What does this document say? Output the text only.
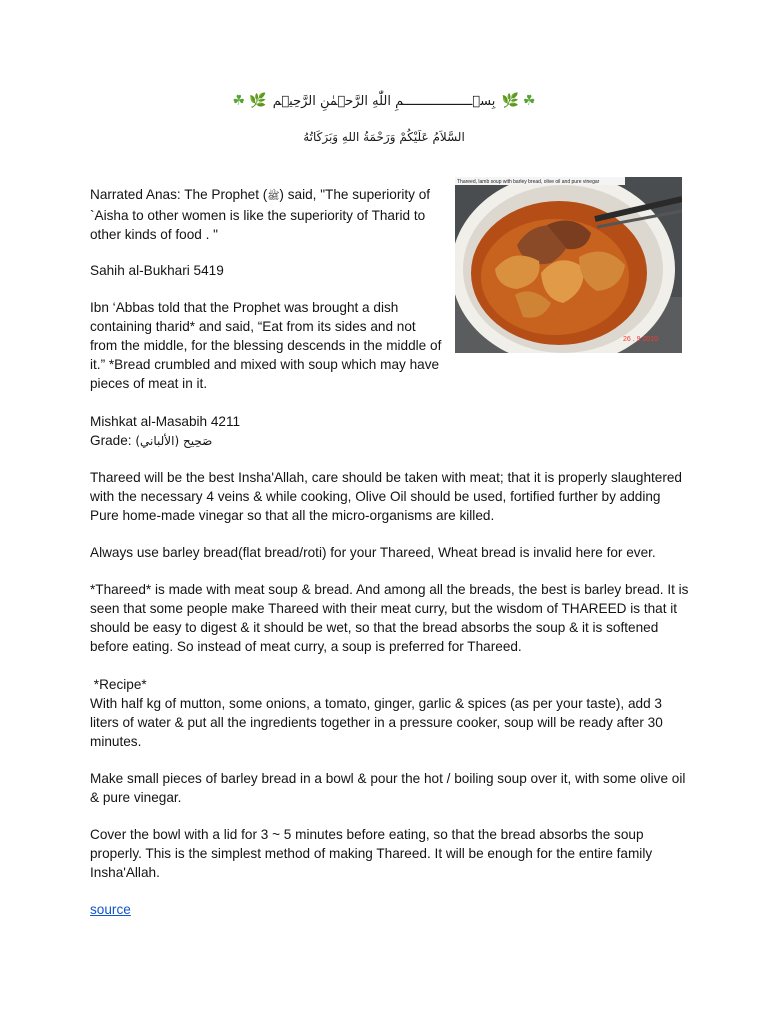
☘🌿 بِسۡــــــــــــــــــمِ اللّٰهِ الرَّحۡمٰنِ الرَّحِيۡم 🌿☘
السَّلاَمُ عَلَيْكُمْ وَرَحْمَةُ اللهِ وَبَرَكَاتُهُ
Thareed, lamb soup with barley bread, olive oil and pure vinegar
26 . 9 2010

Narrated Anas: The Prophet (ﷺ) said, "The superiority of `Aisha to other women is like the superiority of Tharid to other kinds of food . "

Sahih al-Bukhari 5419
Ibn ‘Abbas told that the Prophet was brought a dish containing tharid* and said, “Eat from its sides and not from the middle, for the blessing descends in the middle of it.” *Bread crumbled and mixed with soup which may have pieces of meat in it.
Mishkat al-Masabih 4211
Grade: (صَحِيح (الألباني
Thareed will be the best Insha'Allah, care should be taken with meat; that it is properly slaughtered with the necessary 4 veins & while cooking, Olive Oil should be used, fortified further by adding Pure home-made vinegar so that all the micro-organisms are killed.
Always use barley bread(flat bread/roti) for your Thareed, Wheat bread is invalid here for ever.
*Thareed* is made with meat soup & bread. And among all the breads, the best is barley bread. It is seen that some people make Thareed with their meat curry, but the wisdom of THAREED is that it should be easy to digest & it should be wet, so that the bread absorbs the soup & it is softened before eating. So instead of meat curry, a soup is preferred for Thareed.
*Recipe*
With half kg of mutton, some onions, a tomato, ginger, garlic & spices (as per your taste), add 3 liters of water & put all the ingredients together in a pressure cooker, soup will be ready after 30 minutes.
Make small pieces of barley bread in a bowl & pour the hot / boiling soup over it, with some olive oil & pure vinegar.
Cover the bowl with a lid for 3 ~ 5 minutes before eating, so that the bread absorbs the soup properly. This is the simplest method of making Thareed. It will be enough for the entire family Insha'Allah.
source
